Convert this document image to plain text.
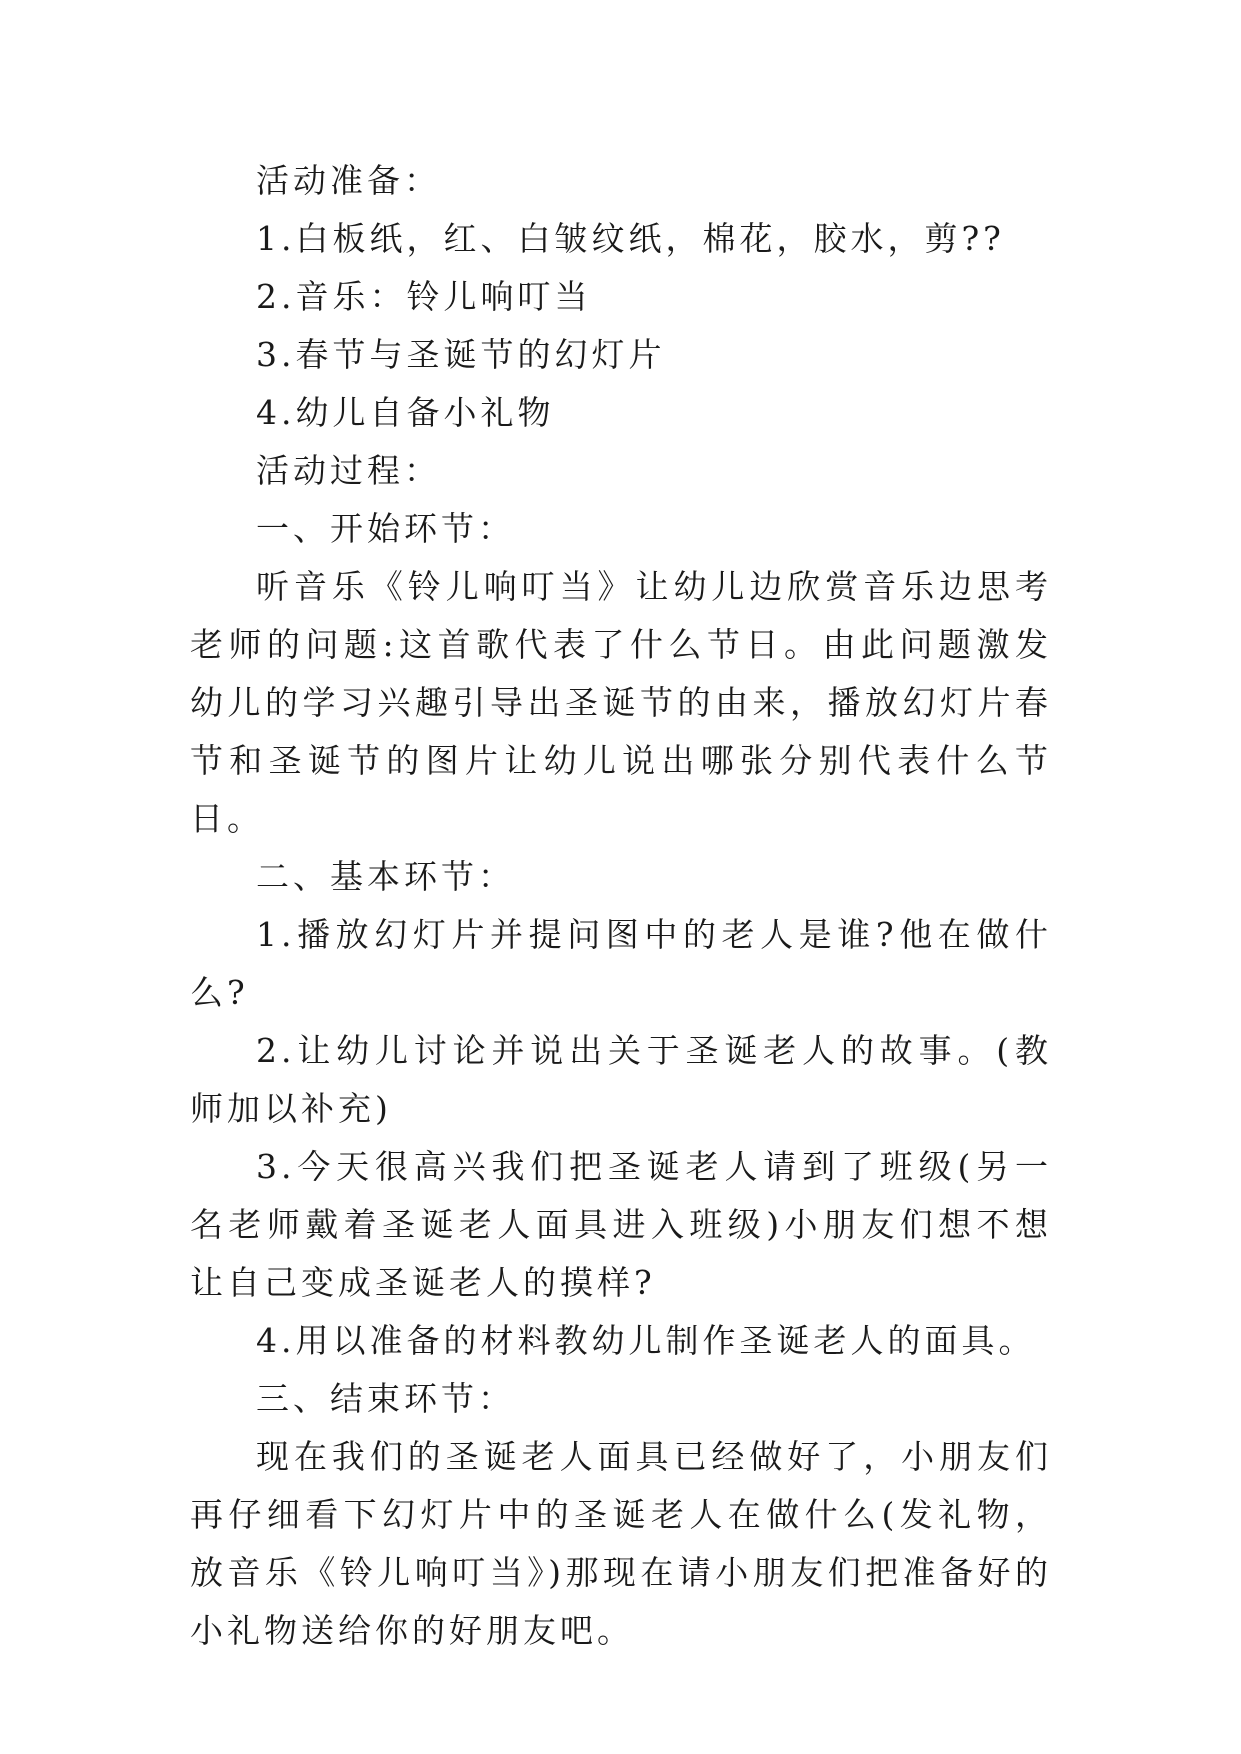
活动准备：

1.白板纸，红、白皱纹纸，棉花，胶水，剪??

2.音乐：铃儿响叮当

3.春节与圣诞节的幻灯片

4.幼儿自备小礼物

活动过程：

一、开始环节：

听音乐《铃儿响叮当》让幼儿边欣赏音乐边思考老师的问题:这首歌代表了什么节日。由此问题激发幼儿的学习兴趣引导出圣诞节的由来，播放幻灯片春节和圣诞节的图片让幼儿说出哪张分别代表什么节日。

二、基本环节：

1.播放幻灯片并提问图中的老人是谁?他在做什么?

2.让幼儿讨论并说出关于圣诞老人的故事。(教师加以补充)

3.今天很高兴我们把圣诞老人请到了班级(另一名老师戴着圣诞老人面具进入班级)小朋友们想不想让自己变成圣诞老人的摸样?

4.用以准备的材料教幼儿制作圣诞老人的面具。

三、结束环节：

现在我们的圣诞老人面具已经做好了，小朋友们再仔细看下幻灯片中的圣诞老人在做什么(发礼物，放音乐《铃儿响叮当》)那现在请小朋友们把准备好的小礼物送给你的好朋友吧。
